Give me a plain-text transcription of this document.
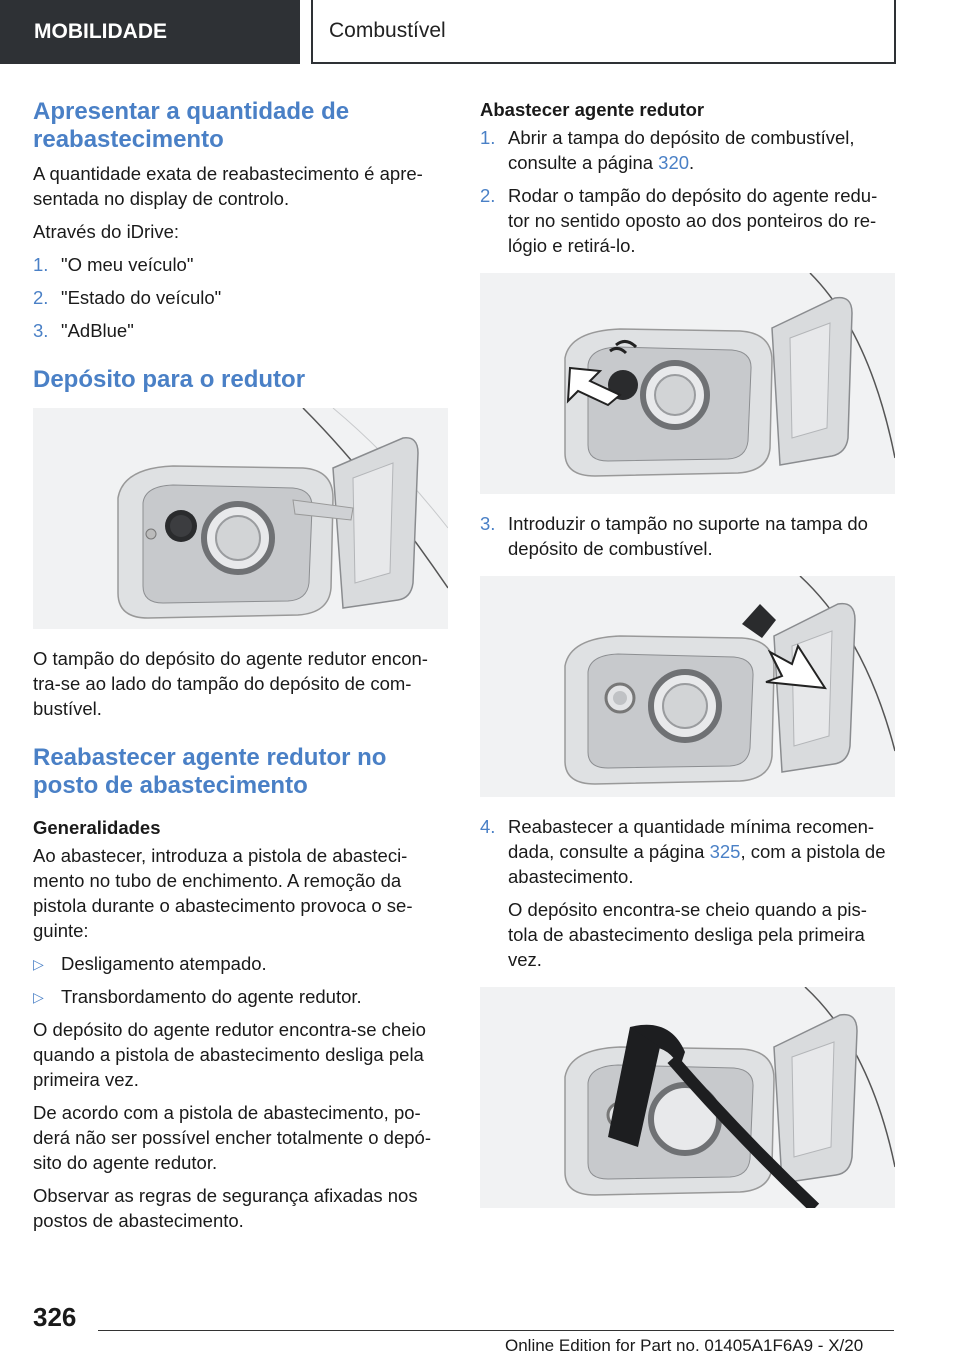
MOBILIDADE	Combustível
Apresentar a quantidade de reabastecimento

A quantidade exata de reabastecimento é apre-sentada no display de controlo.

Através do iDrive:

1. "O meu veículo"
2. "Estado do veículo"
3. "AdBlue"
Depósito para o redutor

O tampão do depósito do agente redutor encon-tra-se ao lado do tampão do depósito de com-bustível.

Reabastecer agente redutor no posto de abastecimento
Generalidades

Ao abastecer, introduza a pistola de abasteci-mento no tubo de enchimento. A remoção da pistola durante o abastecimento provoca o se-guinte:

▷ Desligamento atempado.
▷ Transbordamento do agente redutor.

O depósito do agente redutor encontra-se cheio quando a pistola de abastecimento desliga pela primeira vez.

De acordo com a pistola de abastecimento, po-derá não ser possível encher totalmente o depó-sito do agente redutor.

Observar as regras de segurança afixadas nos postos de abastecimento.

Abastecer agente redutor
1. Abrir a tampa do depósito de combustível, consulte a página 320.
2. Rodar o tampão do depósito do agente redu-tor no sentido oposto ao dos ponteiros do re-lógio e retirá-lo.
3. Introduzir o tampão no suporte na tampa do depósito de combustível.
4. Reabastecer a quantidade mínima recomen-dada, consulte a página 325, com a pistola de abastecimento.

O depósito encontra-se cheio quando a pis-tola de abastecimento desliga pela primeira vez.

326
Online Edition for Part no. 01405A1F6A9 - X/20
